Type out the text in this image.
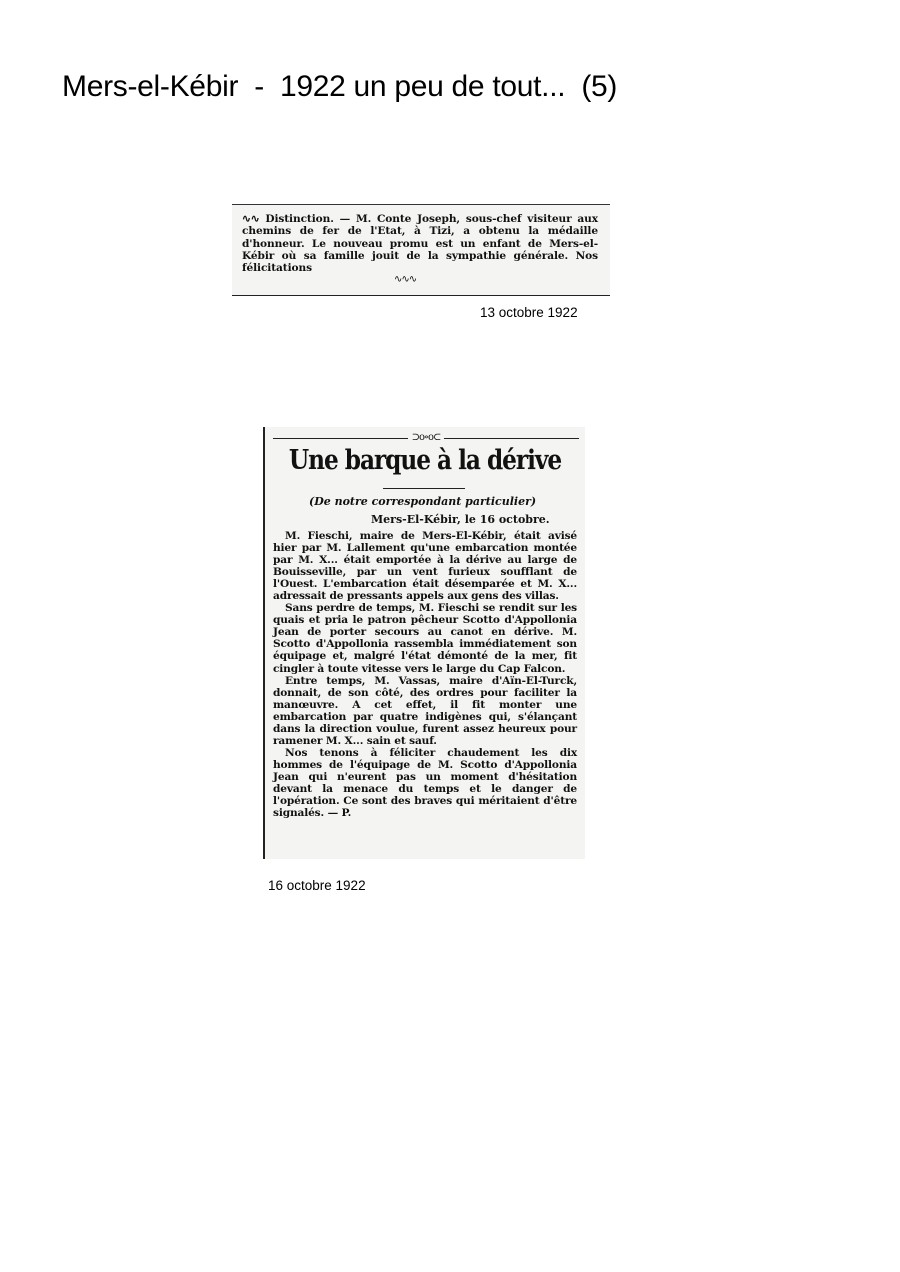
Mers-el-Kébir  -  1922 un peu de tout...  (5)
∿∿ Distinction. — M. Conte Joseph, sous-chef visiteur aux chemins de fer de l'Etat, à Tizi, a obtenu la médaille d'honneur. Le nouveau promu est un enfant de Mers-el-Kébir où sa famille jouit de la sympathie générale. Nos félicitations
∿∿∿
13 octobre 1922
⊃o∘o⊂
Une barque à la dérive
(De notre correspondant particulier)
Mers-El-Kébir, le 16 octobre.

M. Fieschi, maire de Mers-El-Kébir, était avisé hier par M. Lallement qu'une embarcation montée par M. X... était emportée à la dérive au large de Bouisseville, par un vent furieux soufflant de l'Ouest. L'embarcation était désemparée et M. X... adressait de pressants appels aux gens des villas.

Sans perdre de temps, M. Fieschi se rendit sur les quais et pria le patron pêcheur Scotto d'Appollonia Jean de porter secours au canot en dérive. M. Scotto d'Appollonia rassembla immédiatement son équipage et, malgré l'état démonté de la mer, fit cingler à toute vitesse vers le large du Cap Falcon.

Entre temps, M. Vassas, maire d'Aïn-El-Turck, donnait, de son côté, des ordres pour faciliter la manœuvre. A cet effet, il fit monter une embarcation par quatre indigènes qui, s'élançant dans la direction voulue, furent assez heureux pour ramener M. X... sain et sauf.

Nos tenons à féliciter chaudement les dix hommes de l'équipage de M. Scotto d'Appollonia Jean qui n'eurent pas un moment d'hésitation devant la menace du temps et le danger de l'opération. Ce sont des braves qui méritaient d'être signalés. — P.

16 octobre 1922
